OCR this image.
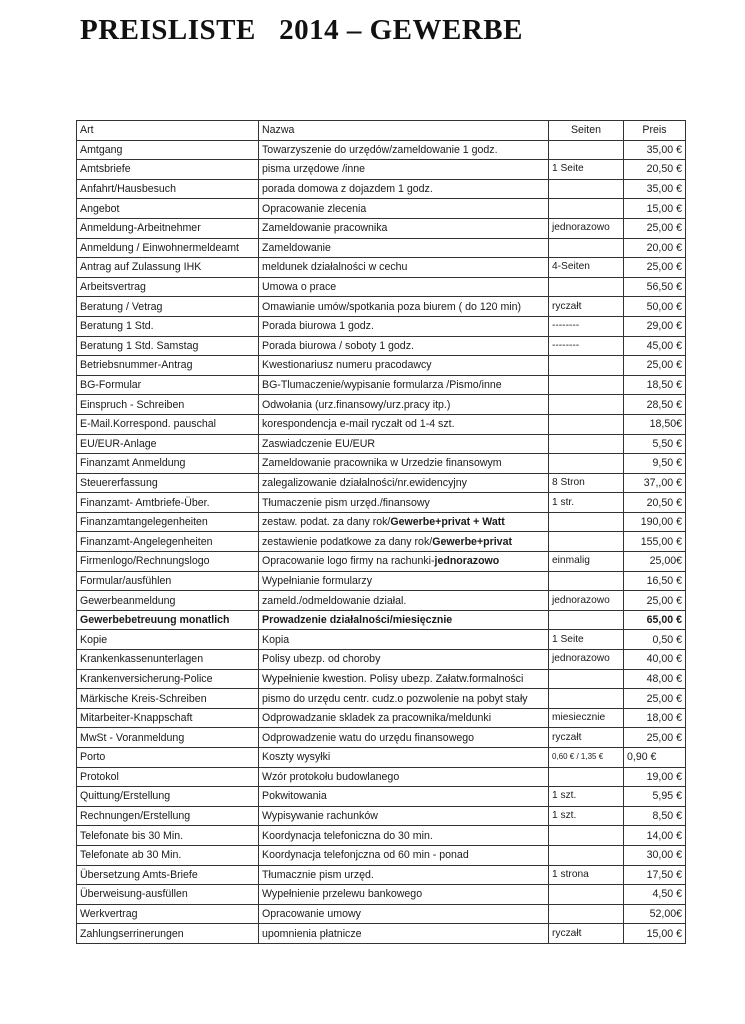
PREISLISTE   2014 – GEWERBE
Art	Nazwa	Seiten	Preis
Amtgang	Towarzyszenie do urzędów/zameldowanie 1 godz.		35,00 €
Amtsbriefe	pisma urzędowe /inne	1 Seite	20,50 €
Anfahrt/Hausbesuch	porada domowa z dojazdem 1 godz.		35,00 €
Angebot	Opracowanie zlecenia		15,00 €
Anmeldung-Arbeitnehmer	Zameldowanie pracownika	jednorazowo	25,00 €
Anmeldung / Einwohnermeldeamt	Zameldowanie		20,00 €
Antrag auf Zulassung IHK	meldunek działalności w cechu	4-Seiten	25,00 €
Arbeitsvertrag	Umowa o prace		56,50 €
Beratung / Vetrag	Omawianie umów/spotkania poza biurem ( do 120 min)	ryczałt	50,00 €
Beratung 1 Std.	Porada biurowa 1 godz.	--------	29,00 €
Beratung 1 Std. Samstag	Porada biurowa / soboty 1 godz.	--------	45,00 €
Betriebsnummer-Antrag	Kwestionariusz numeru pracodawcy		25,00 €
BG-Formular	BG-Tlumaczenie/wypisanie formularza /Pismo/inne		18,50 €
Einspruch - Schreiben	Odwołania (urz.finansowy/urz.pracy itp.)		28,50 €
E-Mail.Korrespond. pauschal	korespondencja e-mail ryczałt od 1-4 szt.		18,50€
EU/EUR-Anlage	Zaswiadczenie EU/EUR		5,50 €
Finanzamt Anmeldung	Zameldowanie pracownika w Urzedzie finansowym		9,50 €
Steuererfassung	zalegalizowanie działalności/nr.ewidencyjny	8 Stron	37,,00 €
Finanzamt- Amtbriefe-Über.	Tłumaczenie pism urzęd./finansowy	1 str.	20,50 €
Finanzamtangelegenheiten	zestaw. podat. za dany rok/Gewerbe+privat + Watt		190,00 €
Finanzamt-Angelegenheiten	zestawienie podatkowe za dany rok/Gewerbe+privat		155,00 €
Firmenlogo/Rechnungslogo	Opracowanie logo firmy na rachunki-jednorazowo	einmalig	25,00€
Formular/ausfühlen	Wypełnianie formularzy		16,50 €
Gewerbeanmeldung	zameld./odmeldowanie działal.	jednorazowo	25,00 €
Gewerbebetreuung monatlich	Prowadzenie działalności/miesięcznie		65,00 €
Kopie	Kopia	1 Seite	0,50 €
Krankenkassenunterlagen	Polisy ubezp. od choroby	jednorazowo	40,00 €
Krankenversicherung-Police	Wypełnienie kwestion. Polisy ubezp. Załatw.formalności		48,00 €
Märkische Kreis-Schreiben	pismo do urzędu centr. cudz.o pozwolenie na pobyt stały		25,00 €
Mitarbeiter-Knappschaft	Odprowadzanie skladek za pracownika/meldunki	miesiecznie	18,00 €
MwSt - Voranmeldung	Odprowadzenie watu do urzędu finansowego	ryczałt	25,00 €
Porto	Koszty wysyłki	0,60 € / 1,35 €	0,90 €
Protokol	Wzór protokołu budowlanego		19,00 €
Quittung/Erstellung	Pokwitowania	1 szt.	5,95 €
Rechnungen/Erstellung	Wypisywanie rachunków	1 szt.	8,50 €
Telefonate bis 30 Min.	Koordynacja telefoniczna do 30 min.		14,00 €
Telefonate ab 30 Min.	Koordynacja telefonjczna od 60 min - ponad		30,00 €
Übersetzung Amts-Briefe	Tłumacznie pism urzęd.	1 strona	17,50 €
Überweisung-ausfüllen	Wypełnienie przelewu bankowego		4,50 €
Werkvertrag	Opracowanie umowy		52,00€
Zahlungserrinerungen	upomnienia płatnicze	ryczałt	15,00 €
